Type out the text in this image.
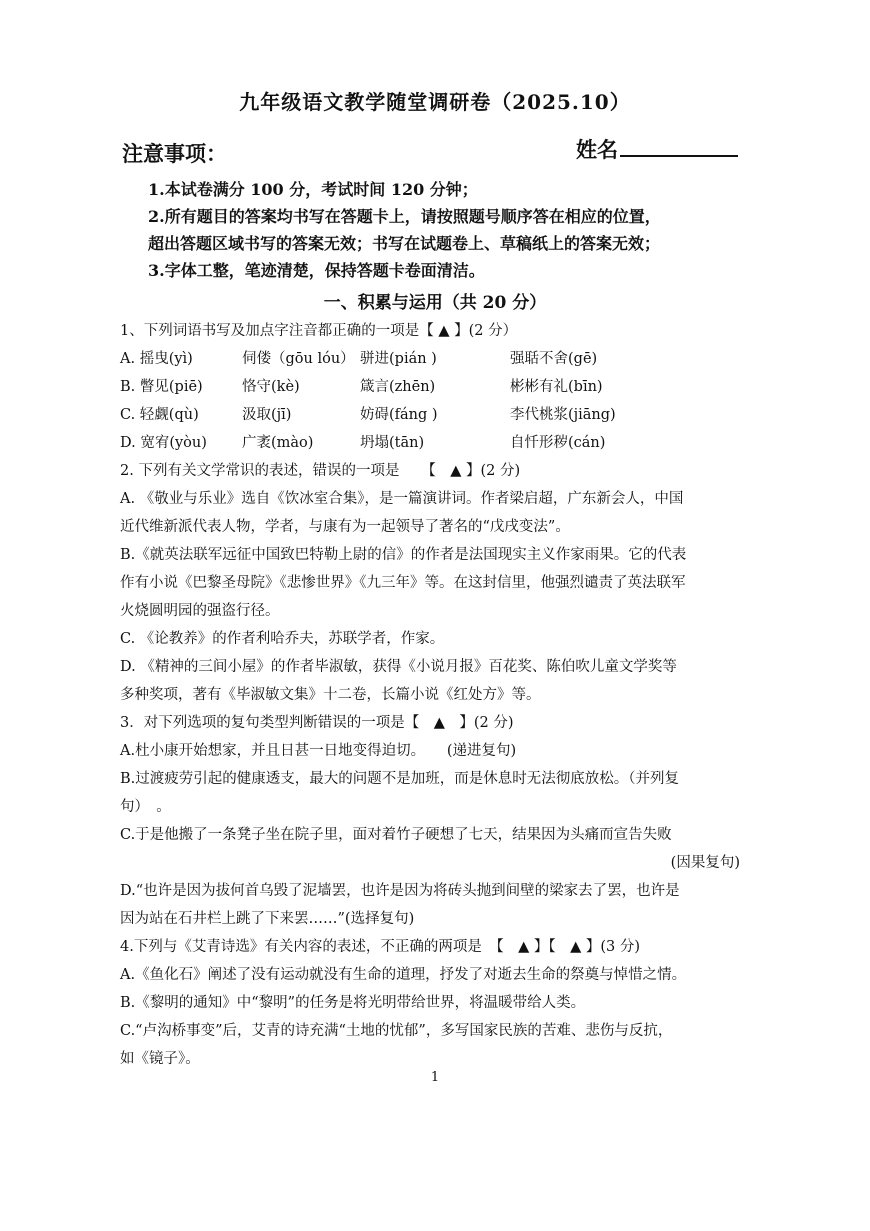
九年级语文教学随堂调研卷（2025.10）
注意事项：	姓名

1.本试卷满分 100 分，考试时间 120 分钟；

2.所有题目的答案均书写在答题卡上，请按照题号顺序答在相应的位置，

超出答题区域书写的答案无效；书写在试题卷上、草稿纸上的答案无效；

3.字体工整，笔迹清楚，保持答题卡卷面清洁。

一、积累与运用（共 20 分）
1、下列词语书写及加点字注音都正确的一项是【 ▲ 】(2 分）
A. 摇曳(yì)	伺偻（gōu lóu） 骈进(pián )	强聒不舍(gē)
B. 瞥见(piē)	恪守(kè)	箴言(zhēn)	彬彬有礼(bīn)
C. 轻觑(qù)	汲取(jī)	妨碍(fáng )	李代桃浆(jiāng)
D. 宽宥(yòu)	广袤(mào)	坍塌(tān)	自忏形秽(cán)
2. 下列有关文学常识的表述，错误的一项是　　【　▲ 】(2 分)
A. 《敬业与乐业》选自《饮冰室合集》，是一篇演讲词。作者梁启超，广东新会人，中国
近代维新派代表人物，学者，与康有为一起领导了著名的“戊戌变法”。
B.《就英法联军远征中国致巴特勒上尉的信》的作者是法国现实主义作家雨果。它的代表
作有小说《巴黎圣母院》《悲惨世界》《九三年》等。在这封信里，他强烈谴责了英法联军
火烧圆明园的强盗行径。
C. 《论教养》的作者利哈乔夫，苏联学者，作家。
D. 《精神的三间小屋》的作者毕淑敏，获得《小说月报》百花奖、陈伯吹儿童文学奖等
多种奖项，著有《毕淑敏文集》十二卷，长篇小说《红处方》等。
3．对下列选项的复句类型判断错误的一项是【　▲　】(2 分)
A.杜小康开始想家，并且日甚一日地变得迫切。　　(递进复句)
B.过渡疲劳引起的健康透支，最大的问题不是加班，而是休息时无法彻底放松。（并列复
句）　。
C.于是他搬了一条凳子坐在院子里，面对着竹子硬想了七天，结果因为头痛而宣告失败
(因果复句)
D.“也许是因为拔何首乌毁了泥墙罢，也许是因为将砖头抛到间壁的梁家去了罢，也许是
因为站在石井栏上跳了下来罢……”(选择复句)
4.下列与《艾青诗选》有关内容的表述，不正确的两项是　【　▲ 】【　▲ 】(3 分)
A.《鱼化石》阐述了没有运动就没有生命的道理，抒发了对逝去生命的祭奠与悼惜之情。
B.《黎明的通知》中“黎明”的任务是将光明带给世界，将温暖带给人类。
C.“卢沟桥事变”后，艾青的诗充满“土地的忧郁”，多写国家民族的苦难、悲伤与反抗，
如《镜子》。
1
